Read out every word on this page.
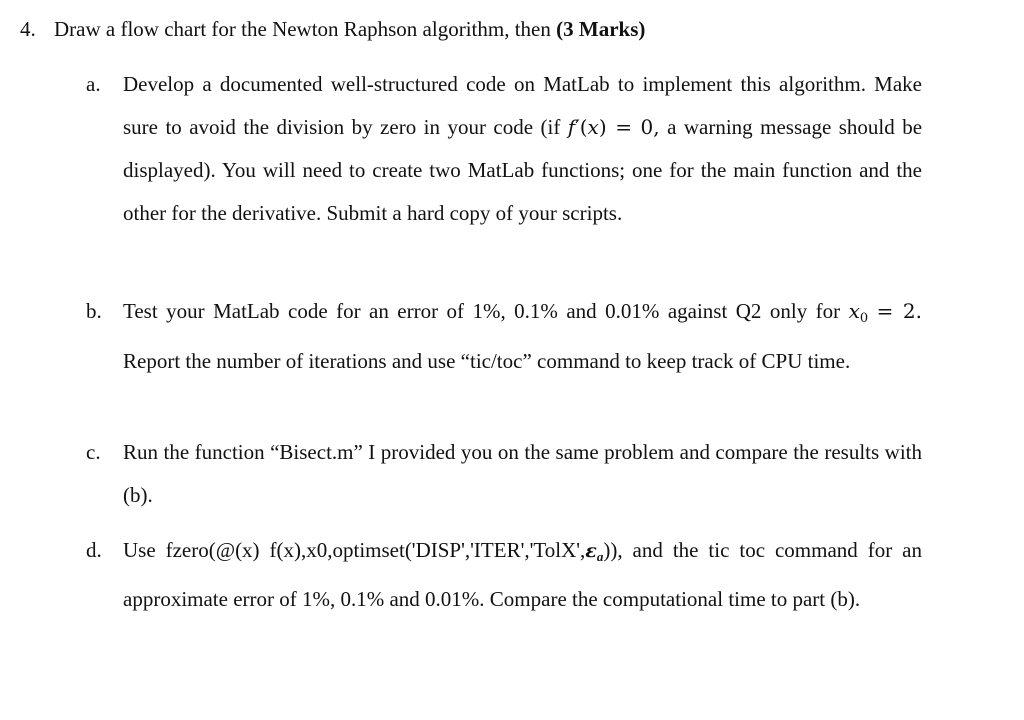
4. Draw a flow chart for the Newton Raphson algorithm, then (3 Marks)
a.	Develop a documented well-structured code on MatLab to implement this algorithm. Make sure to avoid the division by zero in your code (if f′(x) = 0, a warning message should be displayed). You will need to create two MatLab functions; one for the main function and the other for the derivative. Submit a hard copy of your scripts.
b.	Test your MatLab code for an error of 1%, 0.1% and 0.01% against Q2 only for $x_0 = 2$. Report the number of iterations and use “tic/toc” command to keep track of CPU time.
c.	Run the function “Bisect.m” I provided you on the same problem and compare the results with (b).
d.	Use fzero(@(x) f(x),x0,optimset('DISP','ITER','TolX',εa)), and the tic toc command for an approximate error of 1%, 0.1% and 0.01%. Compare the computational time to part (b).
